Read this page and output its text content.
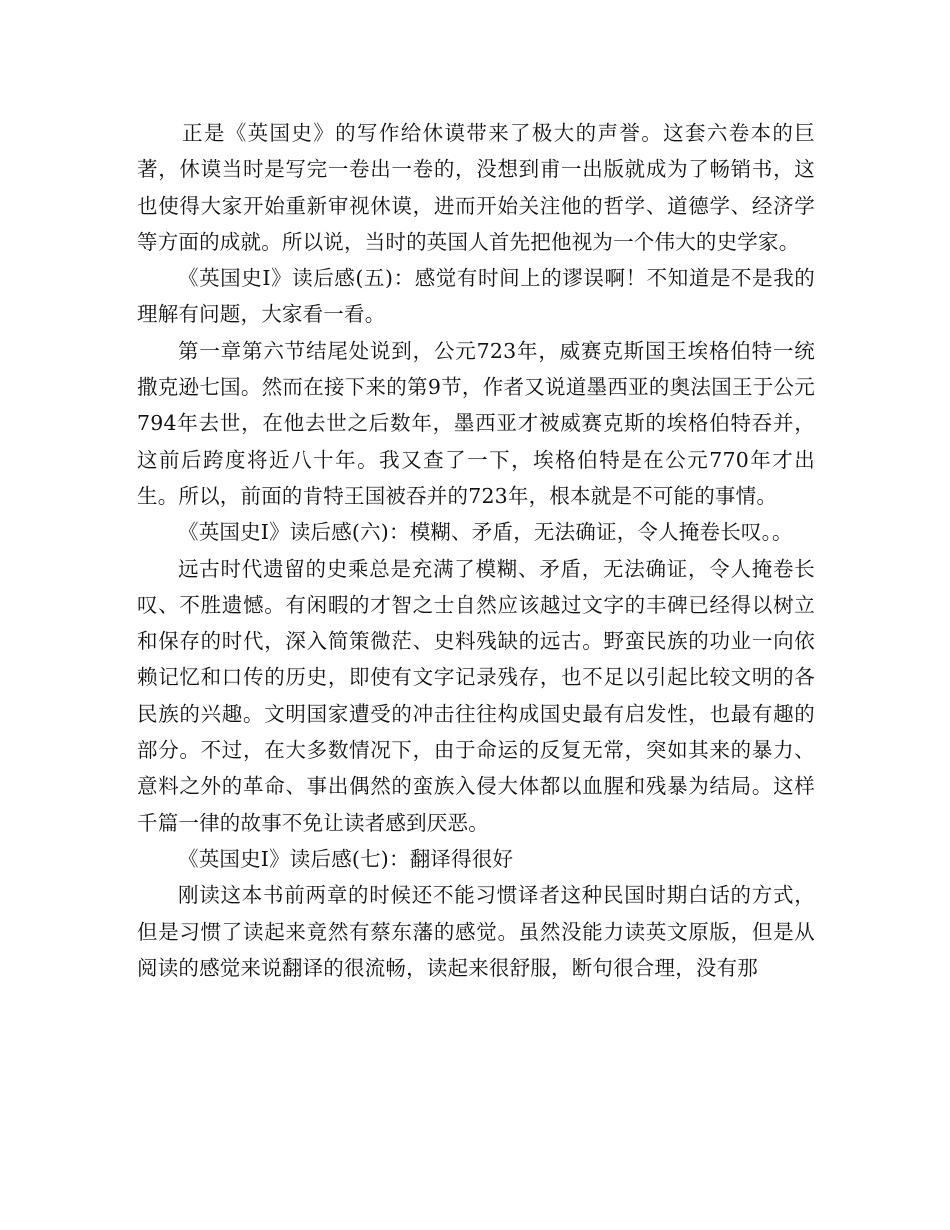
正是《英国史》的写作给休谟带来了极大的声誉。这套六卷本的巨著，休谟当时是写完一卷出一卷的，没想到甫一出版就成为了畅销书，这也使得大家开始重新审视休谟，进而开始关注他的哲学、道德学、经济学等方面的成就。所以说，当时的英国人首先把他视为一个伟大的史学家。

《英国史Ⅰ》读后感(五)：感觉有时间上的谬误啊！不知道是不是我的理解有问题，大家看一看。

第一章第六节结尾处说到，公元723年，威赛克斯国王埃格伯特一统撒克逊七国。然而在接下来的第9节，作者又说道墨西亚的奥法国王于公元794年去世，在他去世之后数年，墨西亚才被威赛克斯的埃格伯特吞并，这前后跨度将近八十年。我又查了一下，埃格伯特是在公元770年才出生。所以，前面的肯特王国被吞并的723年，根本就是不可能的事情。

《英国史Ⅰ》读后感(六)：模糊、矛盾，无法确证，令人掩卷长叹。。

远古时代遗留的史乘总是充满了模糊、矛盾，无法确证，令人掩卷长叹、不胜遗憾。有闲暇的才智之士自然应该越过文字的丰碑已经得以树立和保存的时代，深入简策微茫、史料残缺的远古。野蛮民族的功业一向依赖记忆和口传的历史，即使有文字记录残存，也不足以引起比较文明的各民族的兴趣。文明国家遭受的冲击往往构成国史最有启发性，也最有趣的部分。不过，在大多数情况下，由于命运的反复无常，突如其来的暴力、意料之外的革命、事出偶然的蛮族入侵大体都以血腥和残暴为结局。这样千篇一律的故事不免让读者感到厌恶。

《英国史Ⅰ》读后感(七)：翻译得很好

刚读这本书前两章的时候还不能习惯译者这种民国时期白话的方式，但是习惯了读起来竟然有蔡东藩的感觉。虽然没能力读英文原版，但是从阅读的感觉来说翻译的很流畅，读起来很舒服，断句很合理，没有那
